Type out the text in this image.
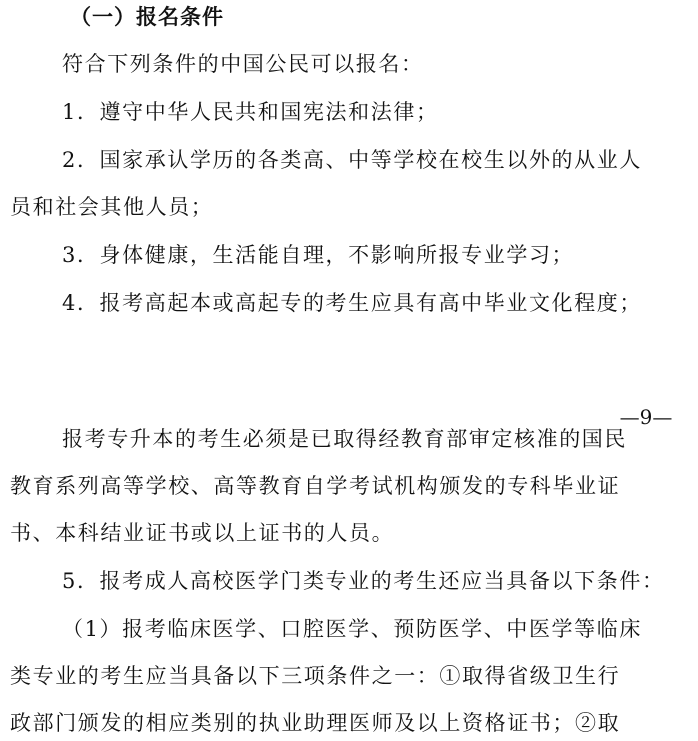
（一）报名条件
符合下列条件的中国公民可以报名：
1．遵守中华人民共和国宪法和法律；
2．国家承认学历的各类高、中等学校在校生以外的从业人
员和社会其他人员；
3．身体健康，生活能自理，不影响所报专业学习；
4．报考高起本或高起专的考生应具有高中毕业文化程度；
—9—
报考专升本的考生必须是已取得经教育部审定核准的国民
教育系列高等学校、高等教育自学考试机构颁发的专科毕业证
书、本科结业证书或以上证书的人员。
5．报考成人高校医学门类专业的考生还应当具备以下条件：
（1）报考临床医学、口腔医学、预防医学、中医学等临床
类专业的考生应当具备以下三项条件之一：①取得省级卫生行
政部门颁发的相应类别的执业助理医师及以上资格证书；②取
